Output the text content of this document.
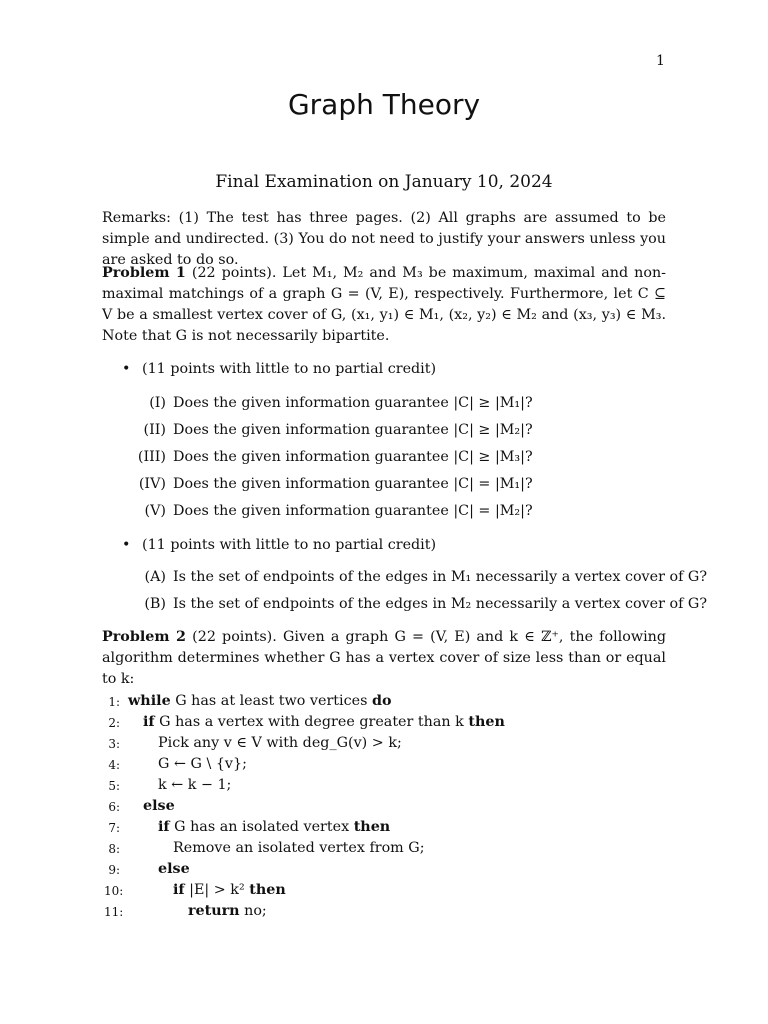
1
Graph Theory
Final Examination on January 10, 2024
Remarks: (1) The test has three pages. (2) All graphs are assumed to be simple and undirected. (3) You do not need to justify your answers unless you are asked to do so.
Problem 1 (22 points). Let M₁, M₂ and M₃ be maximum, maximal and non-maximal matchings of a graph G = (V, E), respectively. Furthermore, let C ⊆ V be a smallest vertex cover of G, (x₁, y₁) ∈ M₁, (x₂, y₂) ∈ M₂ and (x₃, y₃) ∈ M₃. Note that G is not necessarily bipartite.
• (11 points with little to no partial credit)
(I) Does the given information guarantee |C| ≥ |M₁|?
(II) Does the given information guarantee |C| ≥ |M₂|?
(III) Does the given information guarantee |C| ≥ |M₃|?
(IV) Does the given information guarantee |C| = |M₁|?
(V) Does the given information guarantee |C| = |M₂|?
• (11 points with little to no partial credit)
(A) Is the set of endpoints of the edges in M₁ necessarily a vertex cover of G?
(B) Is the set of endpoints of the edges in M₂ necessarily a vertex cover of G?
Problem 2 (22 points). Given a graph G = (V, E) and k ∈ ℤ⁺, the following algorithm determines whether G has a vertex cover of size less than or equal to k:
1: while G has at least two vertices do
2: if G has a vertex with degree greater than k then
3:	Pick any v ∈ V with deg_G(v) > k;
4:	G ← G \ {v};
5:	k ← k − 1;
6: else
7:	if G has an isolated vertex then
8:	Remove an isolated vertex from G;
9:	else
10:	if |E| > k² then
11:	return no;
